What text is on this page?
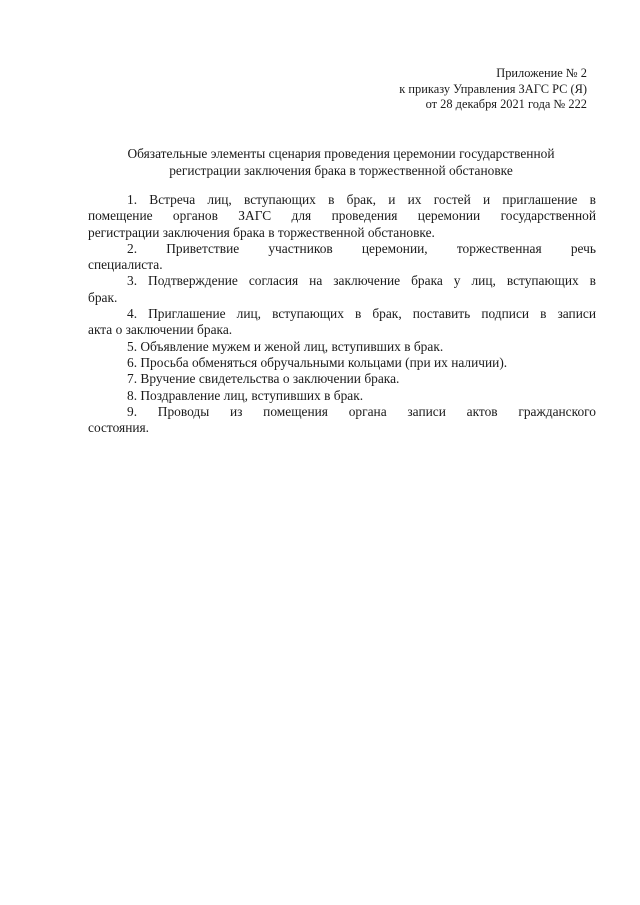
Приложение № 2
к приказу Управления ЗАГС РС (Я)
от 28 декабря 2021 года № 222
Обязательные элементы сценария проведения церемонии государственной
регистрации заключения брака в торжественной обстановке
1. Встреча лиц, вступающих в брак, и их гостей и приглашение в
помещение органов ЗАГС для проведения церемонии государственной
регистрации заключения брака в торжественной обстановке.
2. Приветствие участников церемонии, торжественная речь
специалиста.
3. Подтверждение согласия на заключение брака у лиц, вступающих в
брак.
4. Приглашение лиц, вступающих в брак, поставить подписи в записи
акта о заключении брака.
5. Объявление мужем и женой лиц, вступивших в брак.
6. Просьба обменяться обручальными кольцами (при их наличии).
7. Вручение свидетельства о заключении брака.
8. Поздравление лиц, вступивших в брак.
9. Проводы из помещения органа записи актов гражданского
состояния.
